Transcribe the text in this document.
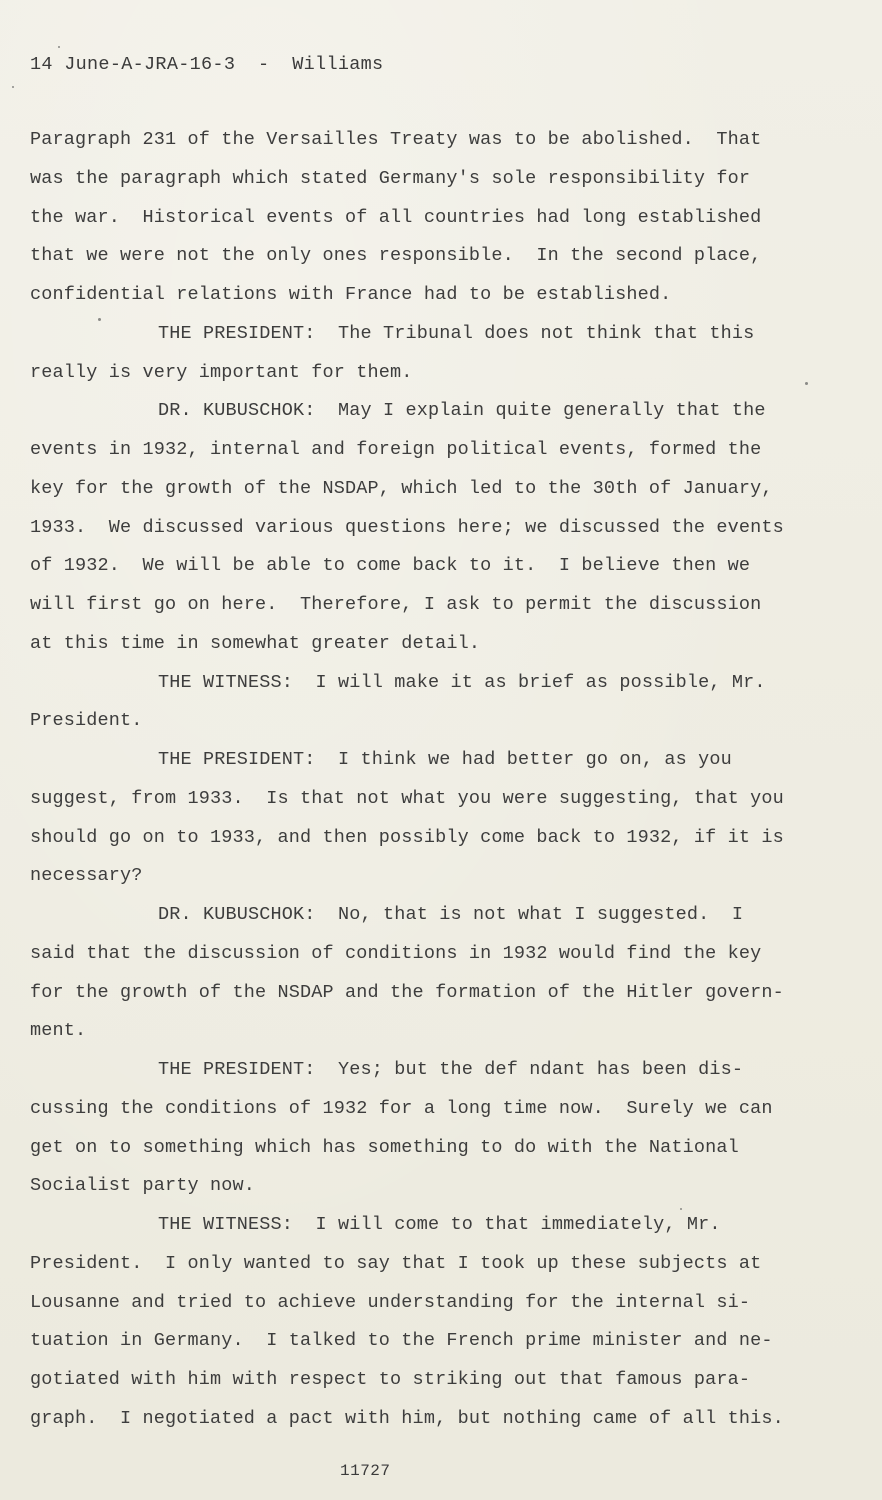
14 June-A-JRA-16-3  -  Williams
Paragraph 231 of the Versailles Treaty was to be abolished.  That
was the paragraph which stated Germany's sole responsibility for
the war.  Historical events of all countries had long established
that we were not the only ones responsible.  In the second place,
confidential relations with France had to be established.
THE PRESIDENT:  The Tribunal does not think that this
really is very important for them.
DR. KUBUSCHOK:  May I explain quite generally that the
events in 1932, internal and foreign political events, formed the
key for the growth of the NSDAP, which led to the 30th of January,
1933.  We discussed various questions here; we discussed the events
of 1932.  We will be able to come back to it.  I believe then we
will first go on here.  Therefore, I ask to permit the discussion
at this time in somewhat greater detail.
THE WITNESS:  I will make it as brief as possible, Mr.
President.
THE PRESIDENT:  I think we had better go on, as you
suggest, from 1933.  Is that not what you were suggesting, that you
should go on to 1933, and then possibly come back to 1932, if it is
necessary?
DR. KUBUSCHOK:  No, that is not what I suggested.  I
said that the discussion of conditions in 1932 would find the key
for the growth of the NSDAP and the formation of the Hitler govern-
ment.
THE PRESIDENT:  Yes; but the def ndant has been dis-
cussing the conditions of 1932 for a long time now.  Surely we can
get on to something which has something to do with the National
Socialist party now.
THE WITNESS:  I will come to that immediately, Mr.
President.  I only wanted to say that I took up these subjects at
Lousanne and tried to achieve understanding for the internal si-
tuation in Germany.  I talked to the French prime minister and ne-
gotiated with him with respect to striking out that famous para-
graph.  I negotiated a pact with him, but nothing came of all this.
11727
